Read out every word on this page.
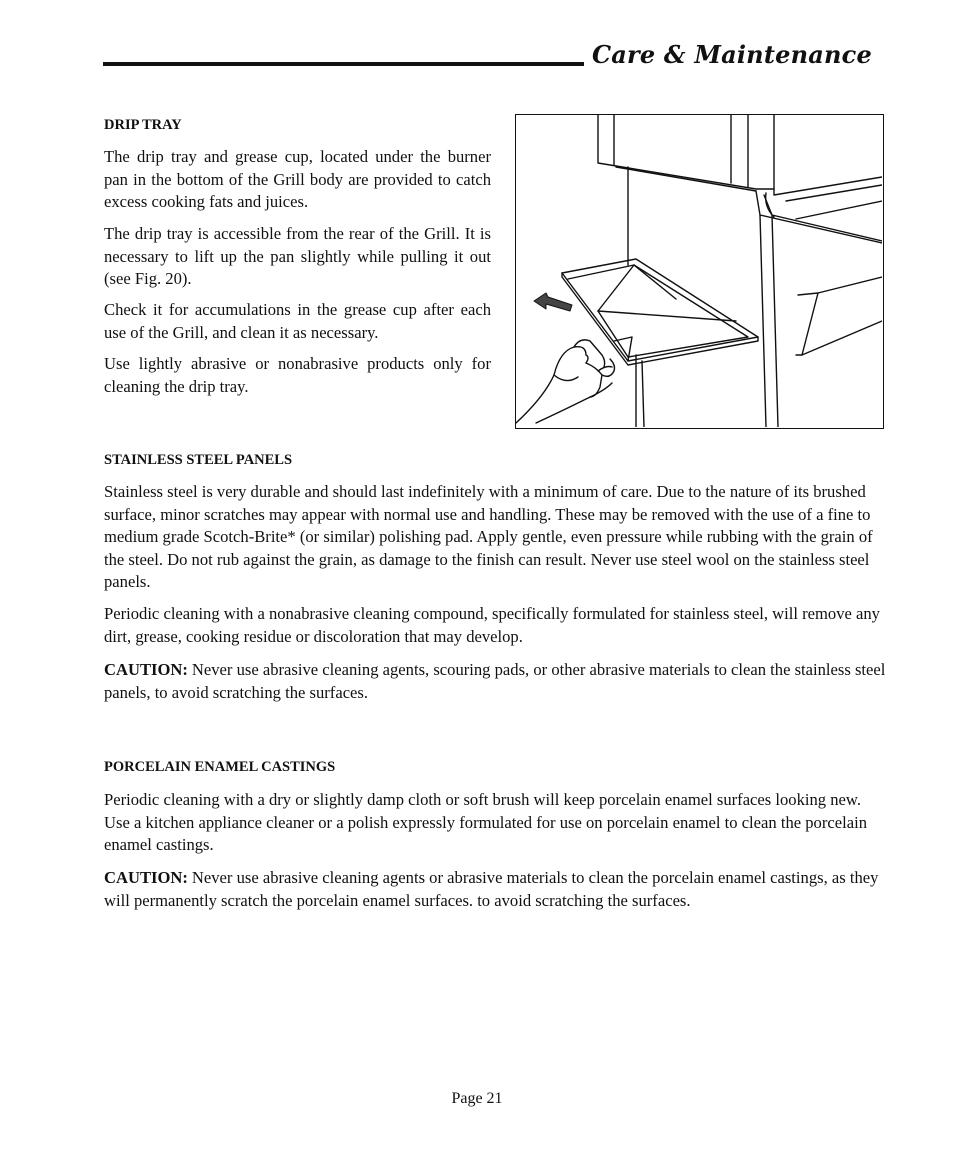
Care & Maintenance
DRIP TRAY

The drip tray and grease cup, located under the burner pan in the bottom of the Grill body are provided to catch excess cooking fats and juices.

The drip tray is accessible from the rear of the Grill. It is necessary to lift up the pan slightly while pulling it out (see Fig. 20).

Check it for accumulations in the grease cup after each use of the Grill, and clean it as necessary.

Use lightly abrasive or nonabrasive products only for cleaning the drip tray.

STAINLESS STEEL PANELS

Stainless steel is very durable and should last indefinitely with a minimum of care. Due to the nature of its brushed surface, minor scratches may appear with normal use and handling. These may be removed with the use of a fine to medium grade Scotch-Brite* (or similar) polishing pad. Apply gentle, even pressure while rubbing with the grain of the steel. Do not rub against the grain, as damage to the finish can result. Never use steel wool on the stainless steel panels.

Periodic cleaning with a nonabrasive cleaning compound, specifically formulated for stainless steel, will remove any dirt, grease, cooking residue or discoloration that may develop.

CAUTION: Never use abrasive cleaning agents, scouring pads, or other abrasive materials to clean the stainless steel panels, to avoid scratching the surfaces.

PORCELAIN ENAMEL CASTINGS

Periodic cleaning with a dry or slightly damp cloth or soft brush will keep porcelain enamel surfaces looking new. Use a kitchen appliance cleaner or a polish expressly formulated for use on porcelain enamel to clean the porcelain enamel castings.

CAUTION: Never use abrasive cleaning agents or abrasive materials to clean the porcelain enamel castings, as they will permanently scratch the porcelain enamel surfaces. to avoid scratching the surfaces.

Page 21
